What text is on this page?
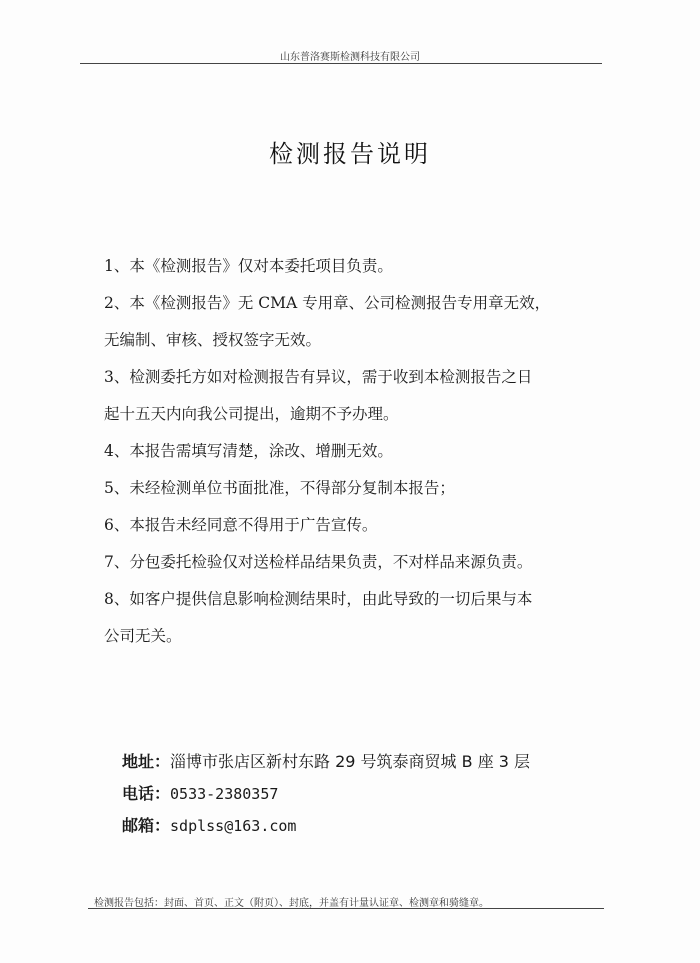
山东普洛赛斯检测科技有限公司
检测报告说明

1、本《检测报告》仅对本委托项目负责。

2、本《检测报告》无 CMA 专用章、公司检测报告专用章无效，
无编制、审核、授权签字无效。

3、检测委托方如对检测报告有异议，需于收到本检测报告之日
起十五天内向我公司提出，逾期不予办理。

4、本报告需填写清楚，涂改、增删无效。

5、未经检测单位书面批准，不得部分复制本报告；

6、本报告未经同意不得用于广告宣传。

7、分包委托检验仅对送检样品结果负责，不对样品来源负责。

8、如客户提供信息影响检测结果时，由此导致的一切后果与本
公司无关。

地址：淄博市张店区新村东路 29 号筑泰商贸城 B 座 3 层
电话：0533-2380357
邮箱：sdplss@163.com
检测报告包括：封面、首页、正文（附页）、封底，并盖有计量认证章、检测章和骑缝章。
